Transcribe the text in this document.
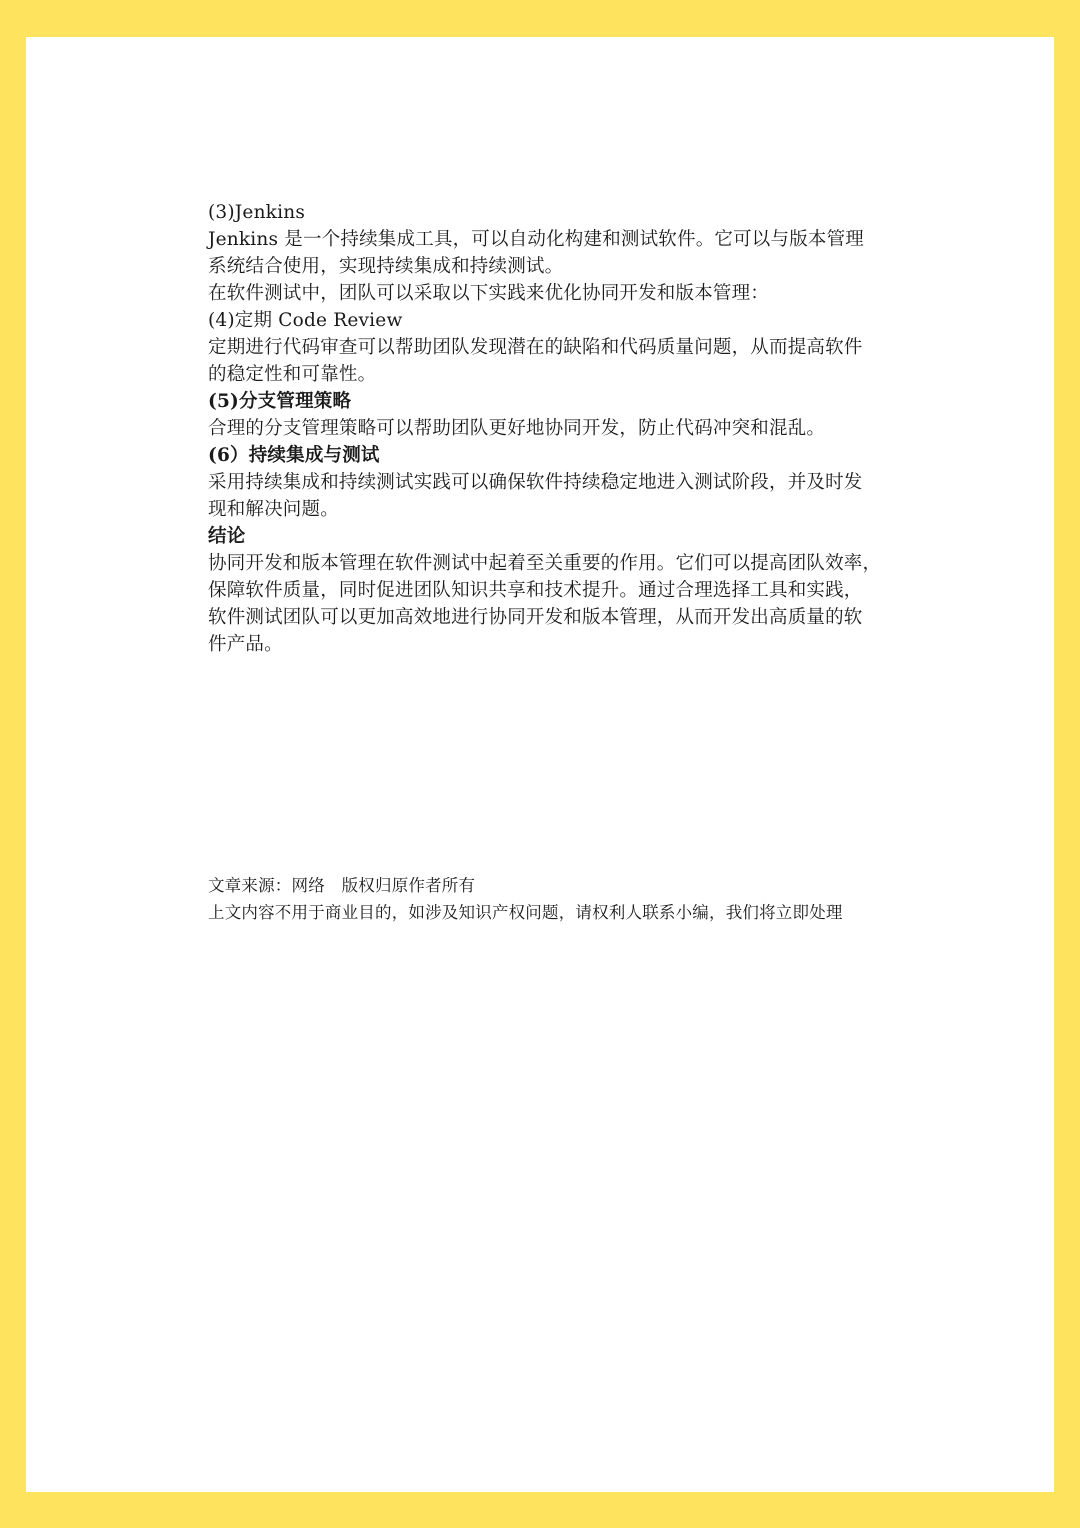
(3)Jenkins
Jenkins 是一个持续集成工具，可以自动化构建和测试软件。它可以与版本管理
系统结合使用，实现持续集成和持续测试。
在软件测试中，团队可以采取以下实践来优化协同开发和版本管理：
(4)定期 Code Review
定期进行代码审查可以帮助团队发现潜在的缺陷和代码质量问题，从而提高软件
的稳定性和可靠性。
(5)分支管理策略
合理的分支管理策略可以帮助团队更好地协同开发，防止代码冲突和混乱。
(6）持续集成与测试
采用持续集成和持续测试实践可以确保软件持续稳定地进入测试阶段，并及时发
现和解决问题。
结论
协同开发和版本管理在软件测试中起着至关重要的作用。它们可以提高团队效率，
保障软件质量，同时促进团队知识共享和技术提升。通过合理选择工具和实践，
软件测试团队可以更加高效地进行协同开发和版本管理，从而开发出高质量的软
件产品。
文章来源：网络　版权归原作者所有
上文内容不用于商业目的，如涉及知识产权问题，请权利人联系小编，我们将立即处理
